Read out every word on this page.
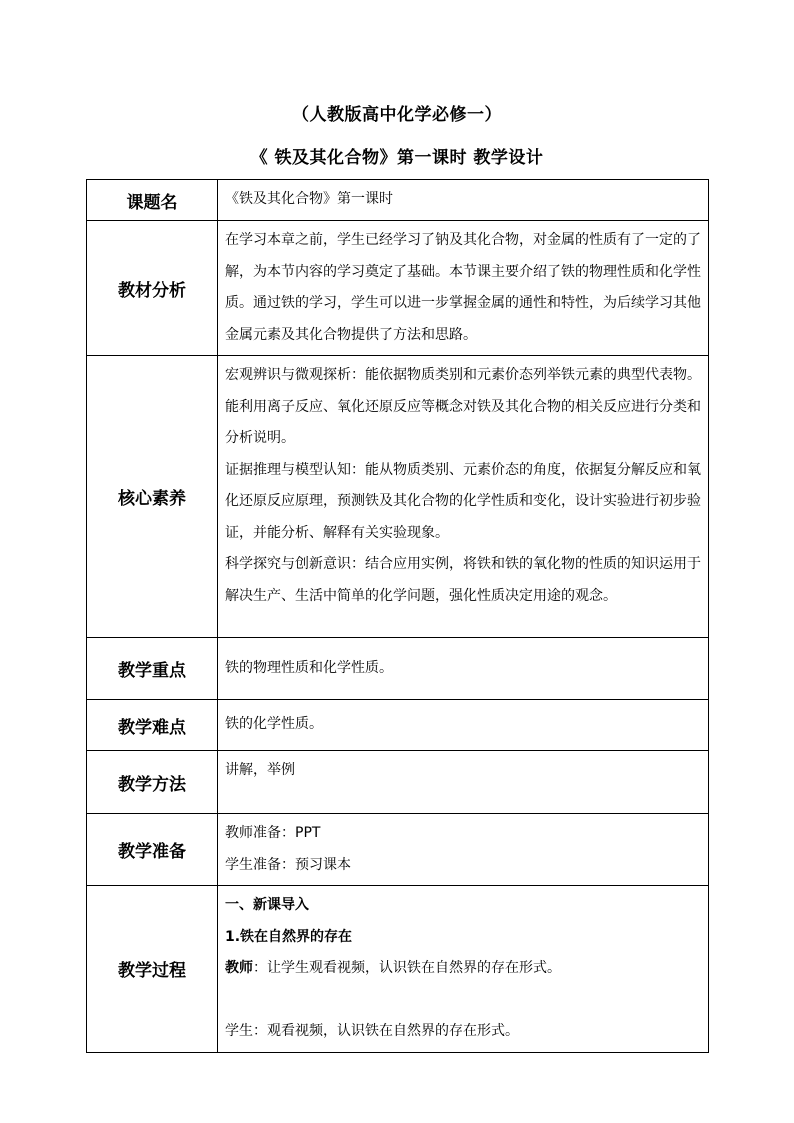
（人教版高中化学必修一）
《 铁及其化合物》第一课时 教学设计
课题名	《铁及其化合物》第一课时
教材分析	在学习本章之前，学生已经学习了钠及其化合物，对金属的性质有了一定的了解，为本节内容的学习奠定了基础。本节课主要介绍了铁的物理性质和化学性质。通过铁的学习，学生可以进一步掌握金属的通性和特性，为后续学习其他金属元素及其化合物提供了方法和思路。
核心素养	宏观辨识与微观探析：能依据物质类别和元素价态列举铁元素的典型代表物。能利用离子反应、氧化还原反应等概念对铁及其化合物的相关反应进行分类和分析说明。

证据推理与模型认知：能从物质类别、元素价态的角度，依据复分解反应和氧化还原反应原理，预测铁及其化合物的化学性质和变化，设计实验进行初步验证，并能分析、解释有关实验现象。

科学探究与创新意识：结合应用实例，将铁和铁的氧化物的性质的知识运用于解决生产、生活中简单的化学问题，强化性质决定用途的观念。

教学重点	铁的物理性质和化学性质。
教学难点	铁的化学性质。
教学方法	讲解，举例
教学准备	教师准备：PPT

学生准备：预习课本

教学过程	一、新课导入

1.铁在自然界的存在

教师：让学生观看视频，认识铁在自然界的存在形式。

学生：观看视频，认识铁在自然界的存在形式。
